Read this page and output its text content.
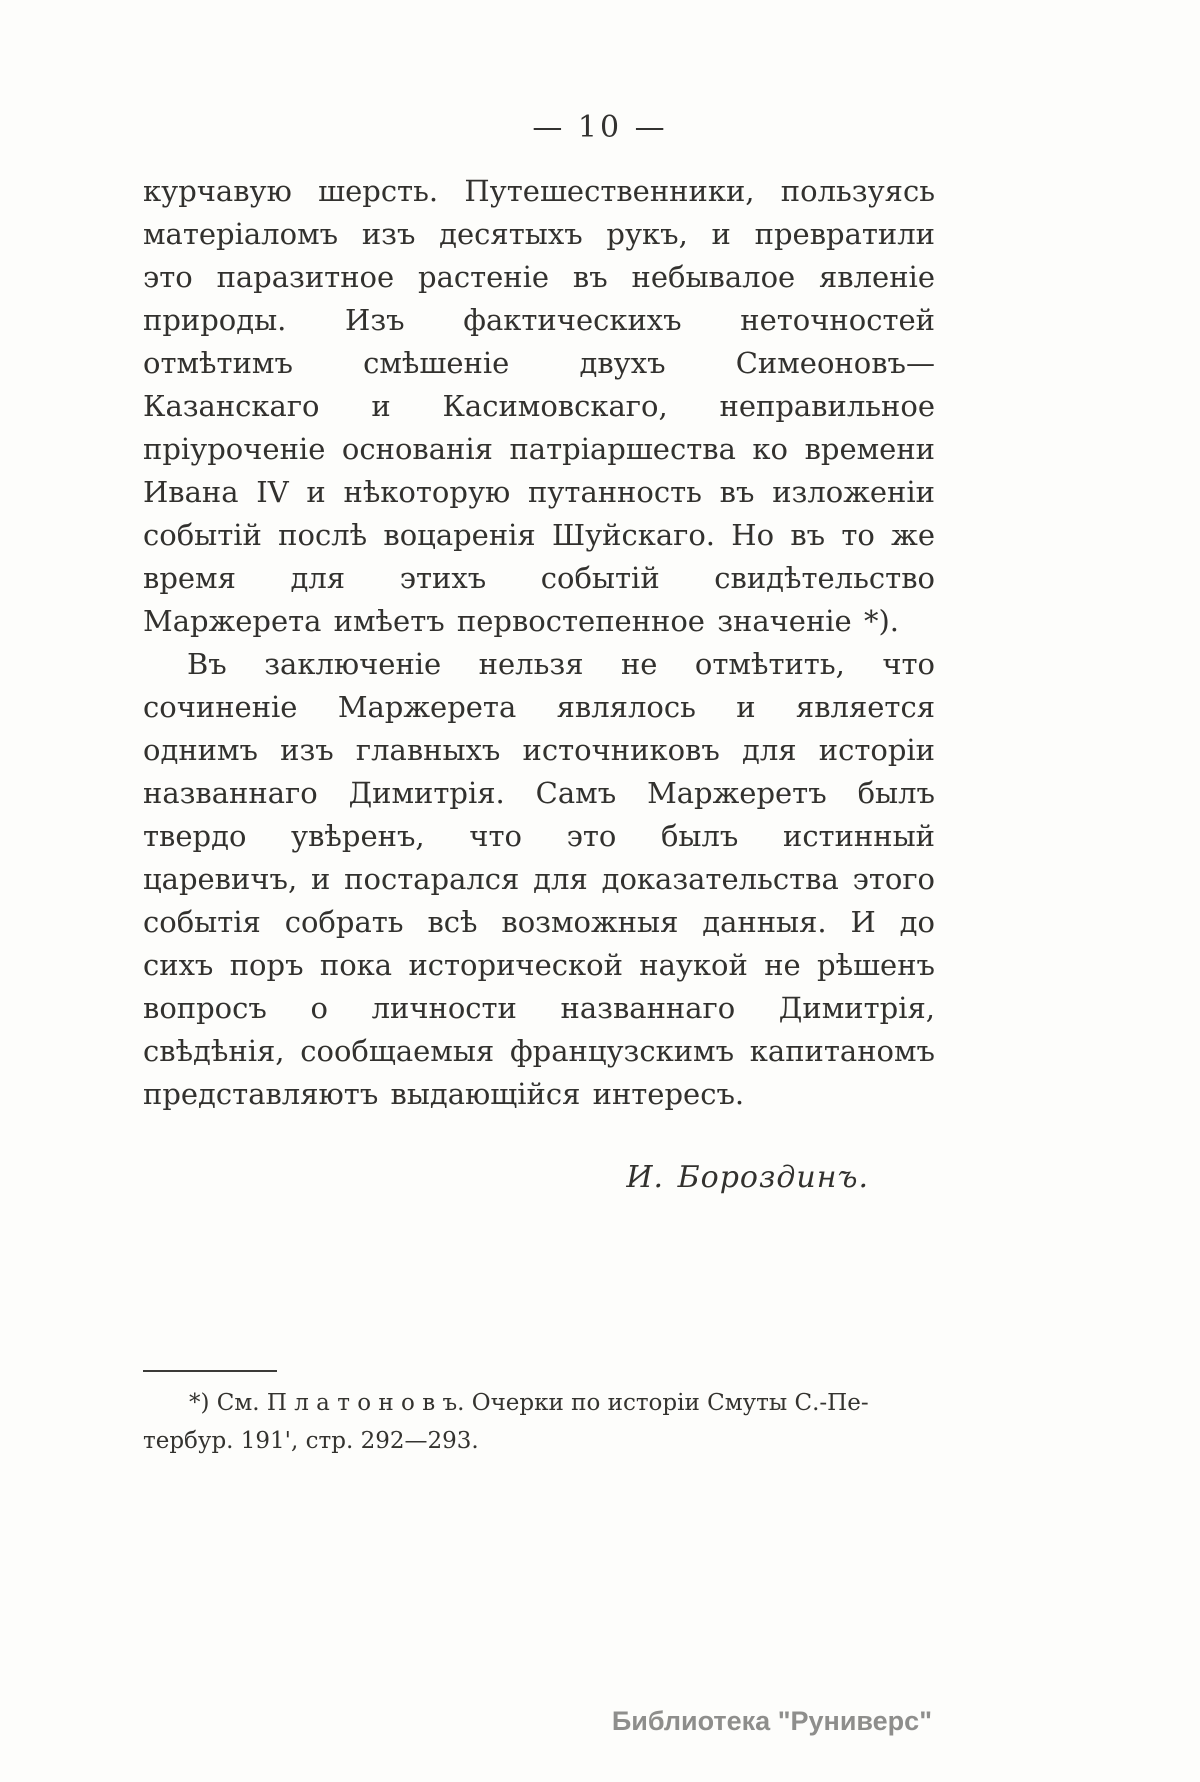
— 10 —

курчавую шерсть. Путешественники, пользуясь матеріаломъ изъ десятыхъ рукъ, и превратили это паразитное растеніе въ небывалое явленіе природы. Изъ фактическихъ неточностей отмѣтимъ смѣшеніе двухъ Симеоновъ—Казанскаго и Касимовскаго, неправильное пріуроченіе основанія патріаршества ко времени Ивана IV и нѣкоторую путанность въ изложеніи событій послѣ воцаренія Шуйскаго. Но въ то же время для этихъ событій свидѣтельство Маржерета имѣетъ первостепенное значеніе *).

Въ заключеніе нельзя не отмѣтить, что сочиненіе Маржерета являлось и является однимъ изъ главныхъ источниковъ для исторіи названнаго Димитрія. Самъ Маржеретъ былъ твердо увѣренъ, что это былъ истинный царевичъ, и постарался для доказательства этого событія собрать всѣ возможныя данныя. И до сихъ поръ пока исторической наукой не рѣшенъ вопросъ о личности названнаго Димитрія, свѣдѣнія, сообщаемыя французскимъ капитаномъ представляютъ выдающійся интересъ.

И. Бороздинъ.

*) См. П л а т о н о в ъ. Очерки по исторіи Смуты С.-Пе-
тербур. 191', стр. 292—293.
Библиотека "Руниверс"
